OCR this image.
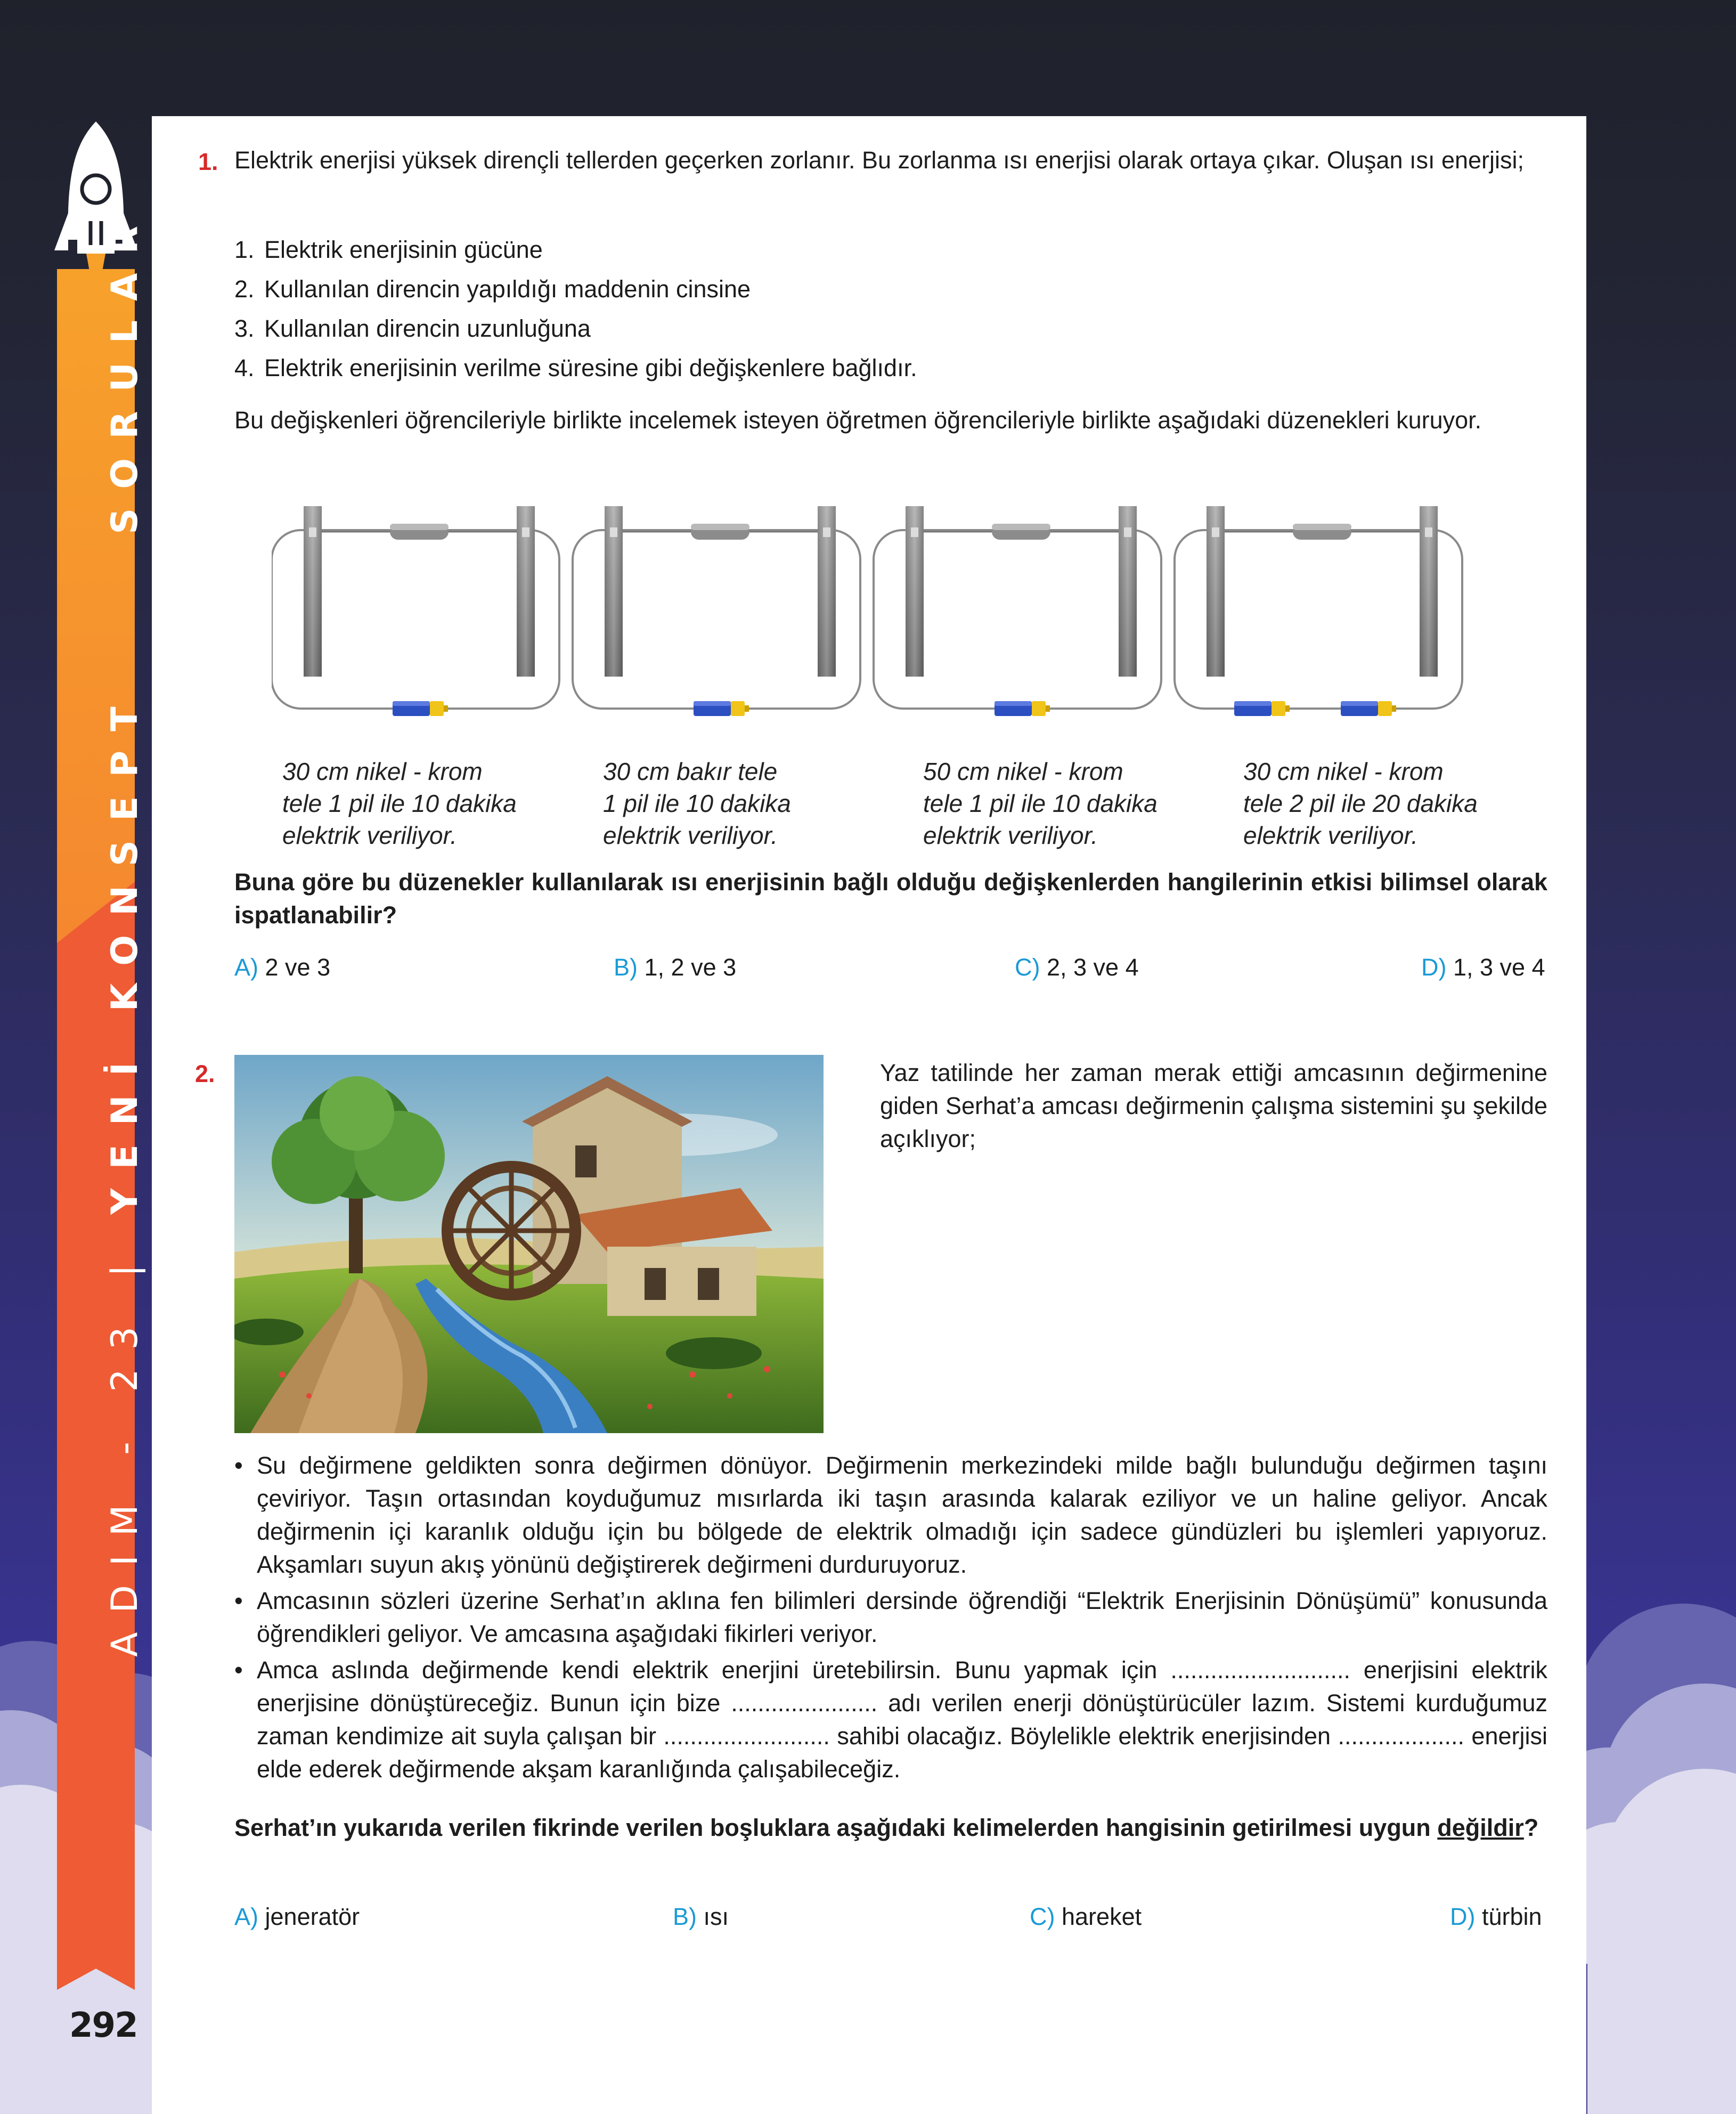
ADIM - 23 | YENİ KONSEPT SORULAR
292
1. Elektrik enerjisi yüksek dirençli tellerden geçerken zorlanır. Bu zorlanma ısı enerjisi olarak ortaya çıkar. Oluşan ısı enerjisi;
1. Elektrik enerjisinin gücüne
2. Kullanılan direncin yapıldığı maddenin cinsine
3. Kullanılan direncin uzunluğuna
4. Elektrik enerjisinin verilme süresine gibi değişkenlere bağlıdır.
Bu değişkenleri öğrencileriyle birlikte incelemek isteyen öğretmen öğrencileriyle birlikte aşağıdaki düzenekleri kuruyor.
30 cm nikel - krom
tele 1 pil ile 10 dakika
elektrik veriliyor.
30 cm bakır tele
1 pil ile 10 dakika
elektrik veriliyor.
50 cm nikel - krom
tele 1 pil ile 10 dakika
elektrik veriliyor.
30 cm nikel - krom
tele 2 pil ile 20 dakika
elektrik veriliyor.
Buna göre bu düzenekler kullanılarak ısı enerjisinin bağlı olduğu değişkenlerden hangilerinin etkisi bilimsel olarak ispatlanabilir?
A) 2 ve 3	B) 1, 2 ve 3	C) 2, 3 ve 4	D) 1, 3 ve 4
2.	Yaz tatilinde her zaman merak ettiği amcasının değirmenine giden Serhat’a amcası değirmenin çalışma sistemini şu şekilde açıklıyor;
• Su değirmene geldikten sonra değirmen dönüyor. Değirmenin merkezindeki milde bağlı bulunduğu değirmen taşını çeviriyor. Taşın ortasından koyduğumuz mısırlarda iki taşın arasında kalarak eziliyor ve un haline geliyor. Ancak değirmenin içi karanlık olduğu için bu bölgede de elektrik olmadığı için sadece gündüzleri bu işlemleri yapıyoruz. Akşamları suyun akış yönünü değiştirerek değirmeni durduruyoruz.
• Amcasının sözleri üzerine Serhat’ın aklına fen bilimleri dersinde öğrendiği “Elektrik Enerjisinin Dönüşümü” konusunda öğrendikleri geliyor. Ve amcasına aşağıdaki fikirleri veriyor.
• Amca aslında değirmende kendi elektrik enerjini üretebilirsin. Bunu yapmak için ........................... enerjisini elektrik enerjisine dönüştüreceğiz. Bunun için bize ...................... adı verilen enerji dönüştürücüler lazım. Sistemi kurduğumuz zaman kendimize ait suyla çalışan bir ......................... sahibi olacağız. Böylelikle elektrik enerjisinden ................... enerjisi elde ederek değirmende akşam karanlığında çalışabileceğiz.
Serhat’ın yukarıda verilen fikrinde verilen boşluklara aşağıdaki kelimelerden hangisinin getirilmesi uygun değildir?
A) jeneratör	B) ısı	C) hareket	D) türbin
